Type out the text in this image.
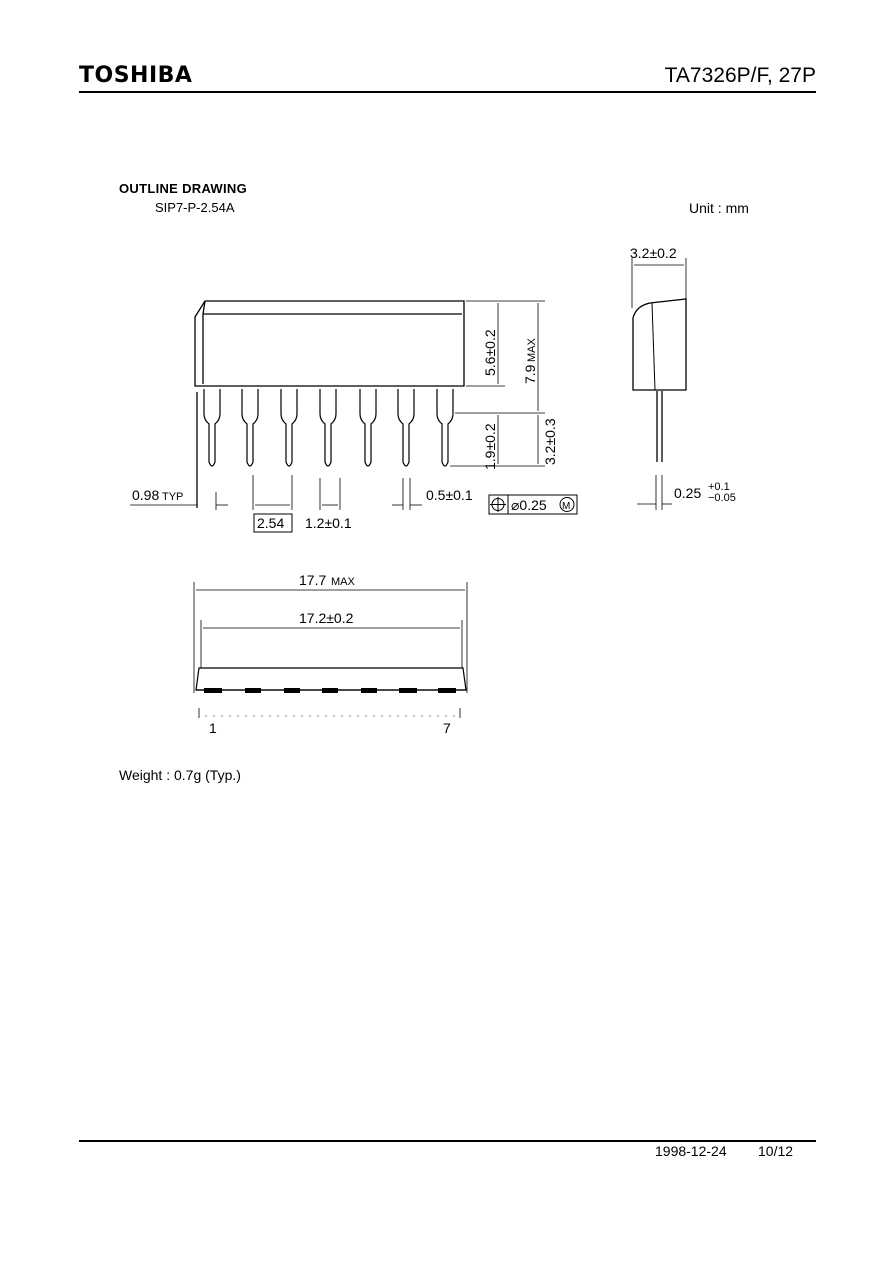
TOSHIBA	TA7326P/F, 27P
OUTLINE DRAWING
SIP7-P-2.54A	Unit : mm
5.6±0.2 7.9
MAX
1.9±0.2	3.2±0.3
0.98 TYP
2.54 1.2±0.1
0.5±0.1
⌀0.25 M
3.2±0.2
0.25 +0.1
−0.05
17.7 MAX
17.2±0.2
1	7
Weight : 0.7g (Typ.)
1998-12-24 10/12
